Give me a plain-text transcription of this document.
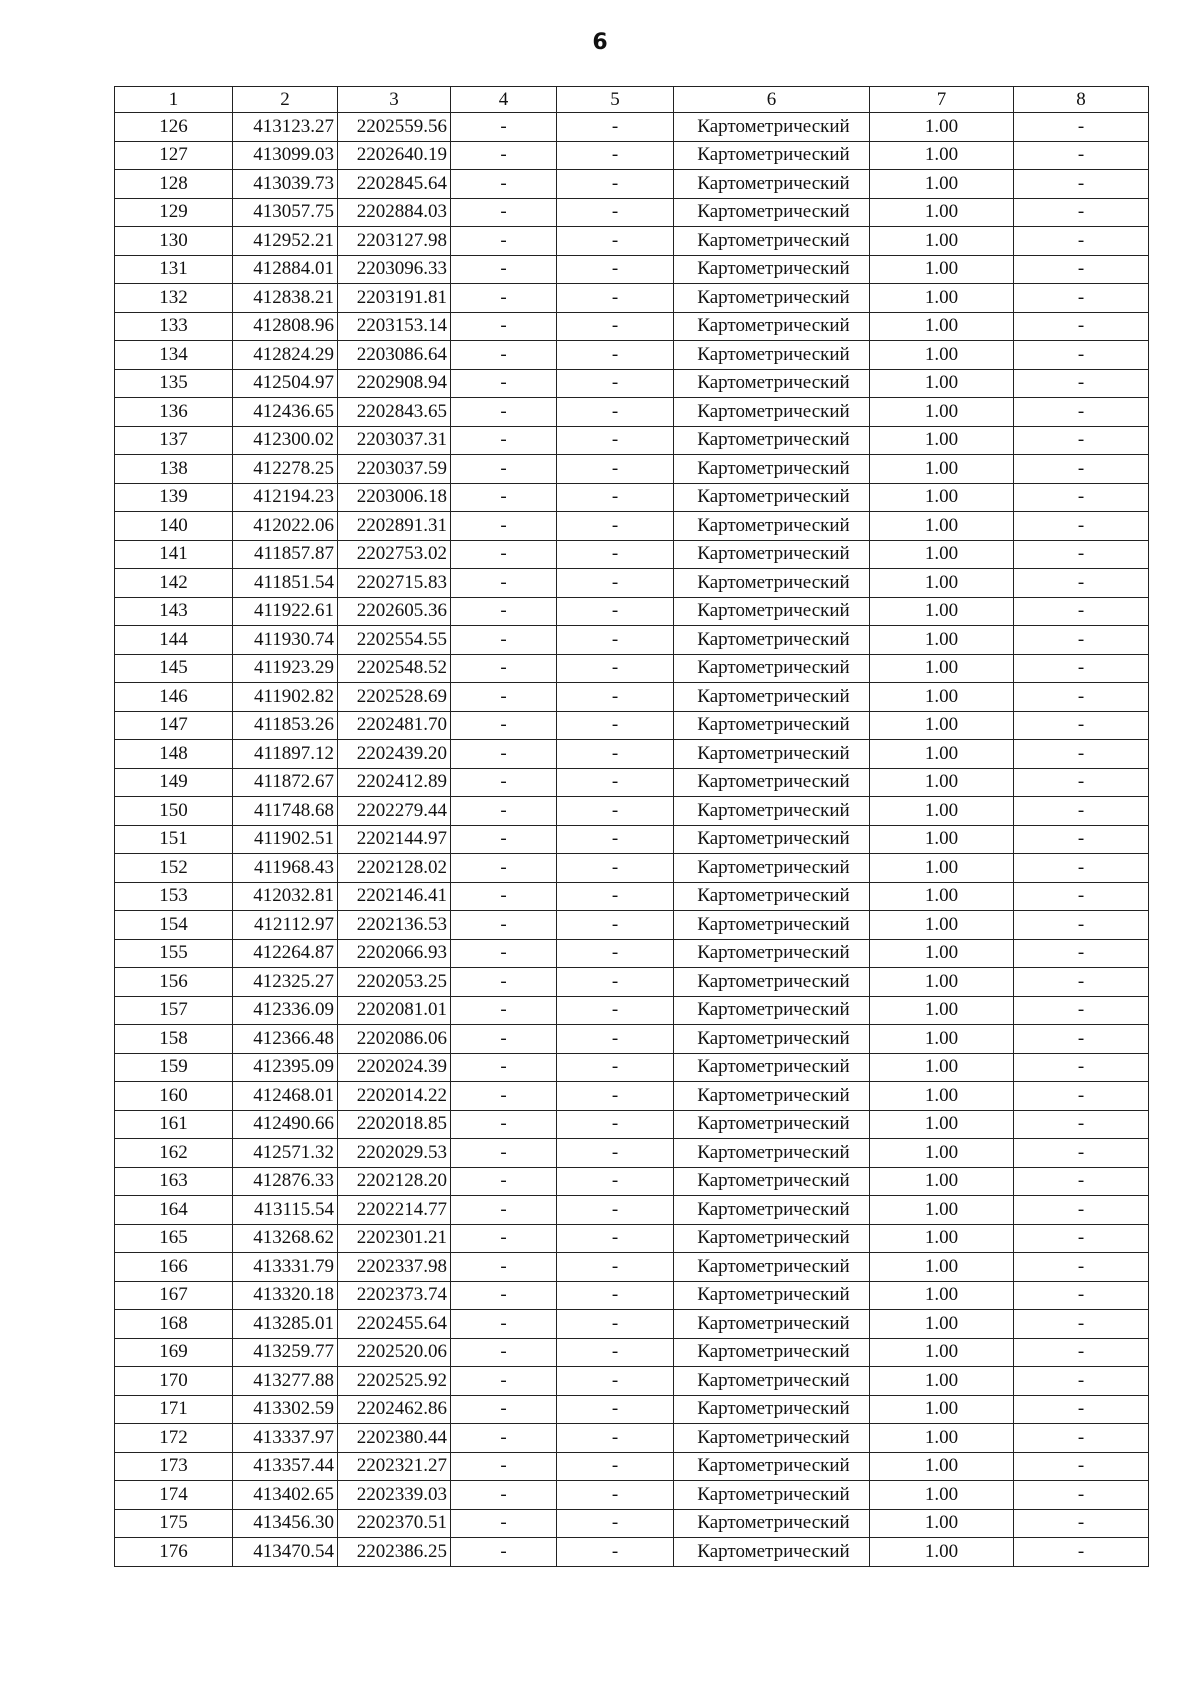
6
1	2	3	4	5	6	7	8
126	413123.27	2202559.56	-	-	Картометрический	1.00	-
127	413099.03	2202640.19	-	-	Картометрический	1.00	-
128	413039.73	2202845.64	-	-	Картометрический	1.00	-
129	413057.75	2202884.03	-	-	Картометрический	1.00	-
130	412952.21	2203127.98	-	-	Картометрический	1.00	-
131	412884.01	2203096.33	-	-	Картометрический	1.00	-
132	412838.21	2203191.81	-	-	Картометрический	1.00	-
133	412808.96	2203153.14	-	-	Картометрический	1.00	-
134	412824.29	2203086.64	-	-	Картометрический	1.00	-
135	412504.97	2202908.94	-	-	Картометрический	1.00	-
136	412436.65	2202843.65	-	-	Картометрический	1.00	-
137	412300.02	2203037.31	-	-	Картометрический	1.00	-
138	412278.25	2203037.59	-	-	Картометрический	1.00	-
139	412194.23	2203006.18	-	-	Картометрический	1.00	-
140	412022.06	2202891.31	-	-	Картометрический	1.00	-
141	411857.87	2202753.02	-	-	Картометрический	1.00	-
142	411851.54	2202715.83	-	-	Картометрический	1.00	-
143	411922.61	2202605.36	-	-	Картометрический	1.00	-
144	411930.74	2202554.55	-	-	Картометрический	1.00	-
145	411923.29	2202548.52	-	-	Картометрический	1.00	-
146	411902.82	2202528.69	-	-	Картометрический	1.00	-
147	411853.26	2202481.70	-	-	Картометрический	1.00	-
148	411897.12	2202439.20	-	-	Картометрический	1.00	-
149	411872.67	2202412.89	-	-	Картометрический	1.00	-
150	411748.68	2202279.44	-	-	Картометрический	1.00	-
151	411902.51	2202144.97	-	-	Картометрический	1.00	-
152	411968.43	2202128.02	-	-	Картометрический	1.00	-
153	412032.81	2202146.41	-	-	Картометрический	1.00	-
154	412112.97	2202136.53	-	-	Картометрический	1.00	-
155	412264.87	2202066.93	-	-	Картометрический	1.00	-
156	412325.27	2202053.25	-	-	Картометрический	1.00	-
157	412336.09	2202081.01	-	-	Картометрический	1.00	-
158	412366.48	2202086.06	-	-	Картометрический	1.00	-
159	412395.09	2202024.39	-	-	Картометрический	1.00	-
160	412468.01	2202014.22	-	-	Картометрический	1.00	-
161	412490.66	2202018.85	-	-	Картометрический	1.00	-
162	412571.32	2202029.53	-	-	Картометрический	1.00	-
163	412876.33	2202128.20	-	-	Картометрический	1.00	-
164	413115.54	2202214.77	-	-	Картометрический	1.00	-
165	413268.62	2202301.21	-	-	Картометрический	1.00	-
166	413331.79	2202337.98	-	-	Картометрический	1.00	-
167	413320.18	2202373.74	-	-	Картометрический	1.00	-
168	413285.01	2202455.64	-	-	Картометрический	1.00	-
169	413259.77	2202520.06	-	-	Картометрический	1.00	-
170	413277.88	2202525.92	-	-	Картометрический	1.00	-
171	413302.59	2202462.86	-	-	Картометрический	1.00	-
172	413337.97	2202380.44	-	-	Картометрический	1.00	-
173	413357.44	2202321.27	-	-	Картометрический	1.00	-
174	413402.65	2202339.03	-	-	Картометрический	1.00	-
175	413456.30	2202370.51	-	-	Картометрический	1.00	-
176	413470.54	2202386.25	-	-	Картометрический	1.00	-
